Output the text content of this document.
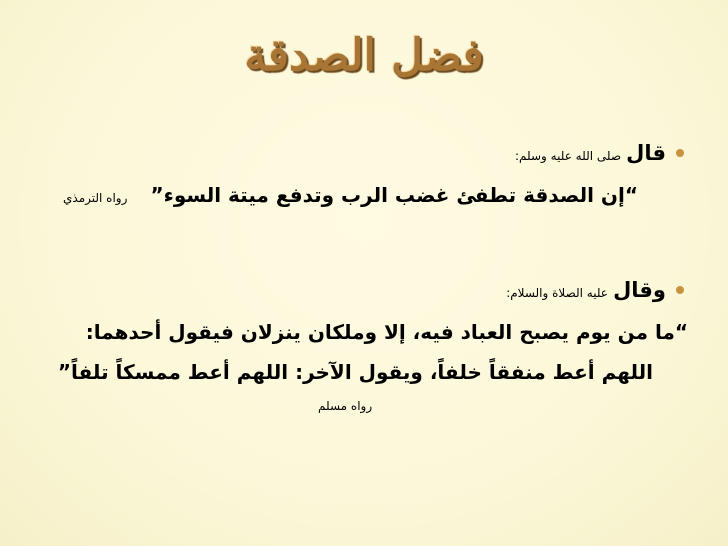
فضل الصدقة
قال صلى الله عليه وسلم:
“إن الصدقة تطفئ غضب الرب وتدفع ميتة السوء”
رواه الترمذي
وقال عليه الصلاة والسلام:
“ما من يوم يصبح العباد فيه، إلا وملكان ينزلان فيقول أحدهما:
اللهم أعط منفقاً خلفاً، ويقول الآخر: اللهم أعط ممسكاً تلفاً”
رواه مسلم
